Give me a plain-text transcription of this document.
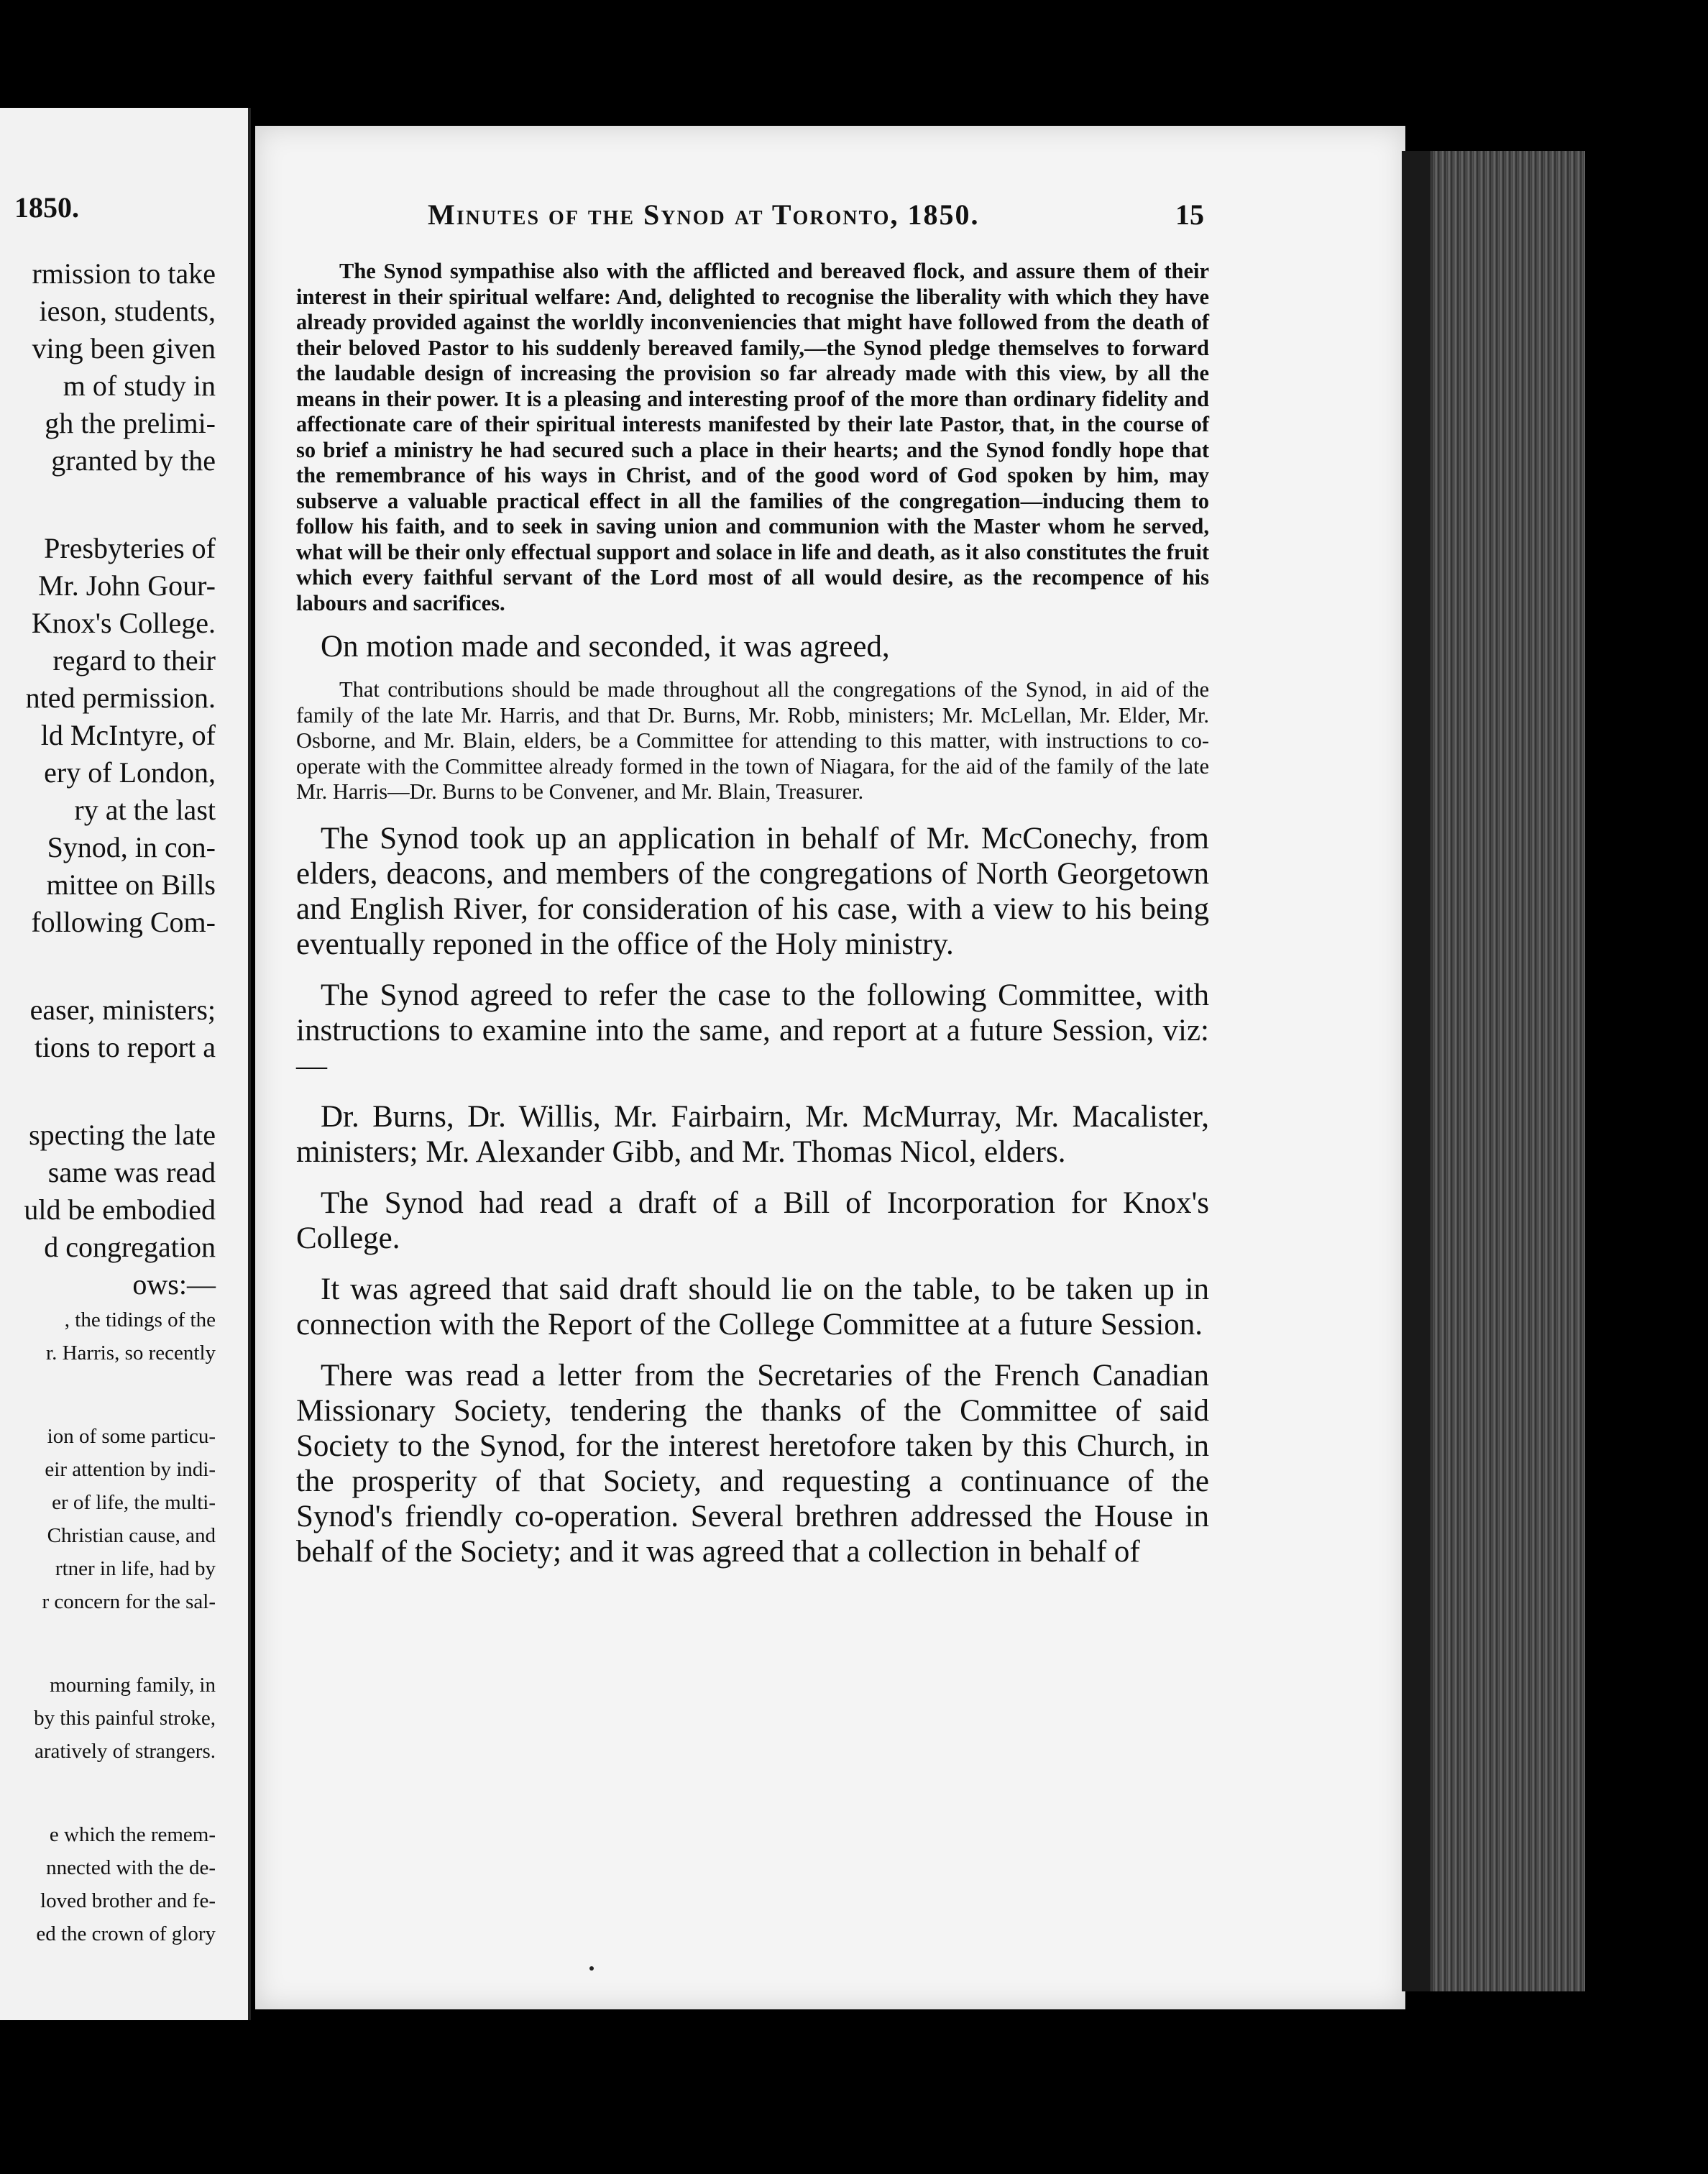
1850.
rmission to take
ieson, students,
ving been given
m of study in
gh the prelimi-
granted by the
Presbyteries of
Mr. John Gour-
Knox's College.
regard to their
nted permission.
ld McIntyre, of
ery of London,
ry at the last
Synod, in con-
mittee on Bills
following Com-
easer, ministers;
tions to report a
specting the late
same was read
uld be embodied
d congregation
ows:—
, the tidings of the
r. Harris, so recently
ion of some particu-
eir attention by indi-
er of life, the multi-
Christian cause, and
rtner in life, had by
r concern for the sal-
mourning family, in
by this painful stroke,
aratively of strangers.
e which the remem-
nnected with the de-
loved brother and fe-
ed the crown of glory
Minutes of the Synod at Toronto, 1850.	15

The Synod sympathise also with the afflicted and bereaved flock, and assure them of their interest in their spiritual welfare: And, delighted to recognise the liberality with which they have already provided against the worldly inconveniencies that might have followed from the death of their beloved Pastor to his suddenly bereaved family,—the Synod pledge themselves to forward the laudable design of increasing the provision so far already made with this view, by all the means in their power. It is a pleasing and interesting proof of the more than ordinary fidelity and affectionate care of their spiritual interests manifested by their late Pastor, that, in the course of so brief a ministry he had secured such a place in their hearts; and the Synod fondly hope that the remembrance of his ways in Christ, and of the good word of God spoken by him, may subserve a valuable practical effect in all the families of the congregation—inducing them to follow his faith, and to seek in saving union and communion with the Master whom he served, what will be their only effectual support and solace in life and death, as it also constitutes the fruit which every faithful servant of the Lord most of all would desire, as the recompence of his labours and sacrifices.

On motion made and seconded, it was agreed,

That contributions should be made throughout all the congregations of the Synod, in aid of the family of the late Mr. Harris, and that Dr. Burns, Mr. Robb, ministers; Mr. McLellan, Mr. Elder, Mr. Osborne, and Mr. Blain, elders, be a Committee for attending to this matter, with instructions to co-operate with the Committee already formed in the town of Niagara, for the aid of the family of the late Mr. Harris—Dr. Burns to be Convener, and Mr. Blain, Treasurer.

The Synod took up an application in behalf of Mr. McConechy, from elders, deacons, and members of the congregations of North Georgetown and English River, for consideration of his case, with a view to his being eventually reponed in the office of the Holy ministry.

The Synod agreed to refer the case to the following Committee, with instructions to examine into the same, and report at a future Session, viz:—

Dr. Burns, Dr. Willis, Mr. Fairbairn, Mr. McMurray, Mr. Macalister, ministers; Mr. Alexander Gibb, and Mr. Thomas Nicol, elders.

The Synod had read a draft of a Bill of Incorporation for Knox's College.

It was agreed that said draft should lie on the table, to be taken up in connection with the Report of the College Committee at a future Session.

There was read a letter from the Secretaries of the French Canadian Missionary Society, tendering the thanks of the Committee of said Society to the Synod, for the interest heretofore taken by this Church, in the prosperity of that Society, and requesting a continuance of the Synod's friendly co-operation. Several brethren addressed the House in behalf of the Society; and it was agreed that a collection in behalf of
